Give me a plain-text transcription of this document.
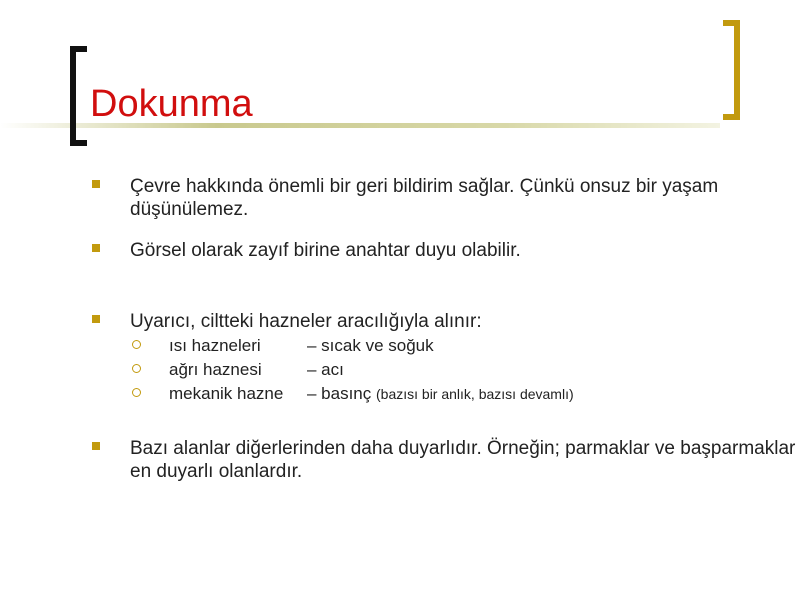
Dokunma
Çevre hakkında önemli bir geri bildirim sağlar. Çünkü onsuz bir yaşam düşünülemez.
Görsel olarak zayıf birine anahtar duyu olabilir.
Uyarıcı, ciltteki hazneler aracılığıyla alınır:
Bazı alanlar diğerlerinden daha duyarlıdır. Örneğin; parmaklar ve başparmaklar en duyarlı olanlardır.
ısı hazneleri	– sıcak ve soğuk
ağrı haznesi	– acı
mekanik hazne – basınç (bazısı bir anlık, bazısı devamlı)
